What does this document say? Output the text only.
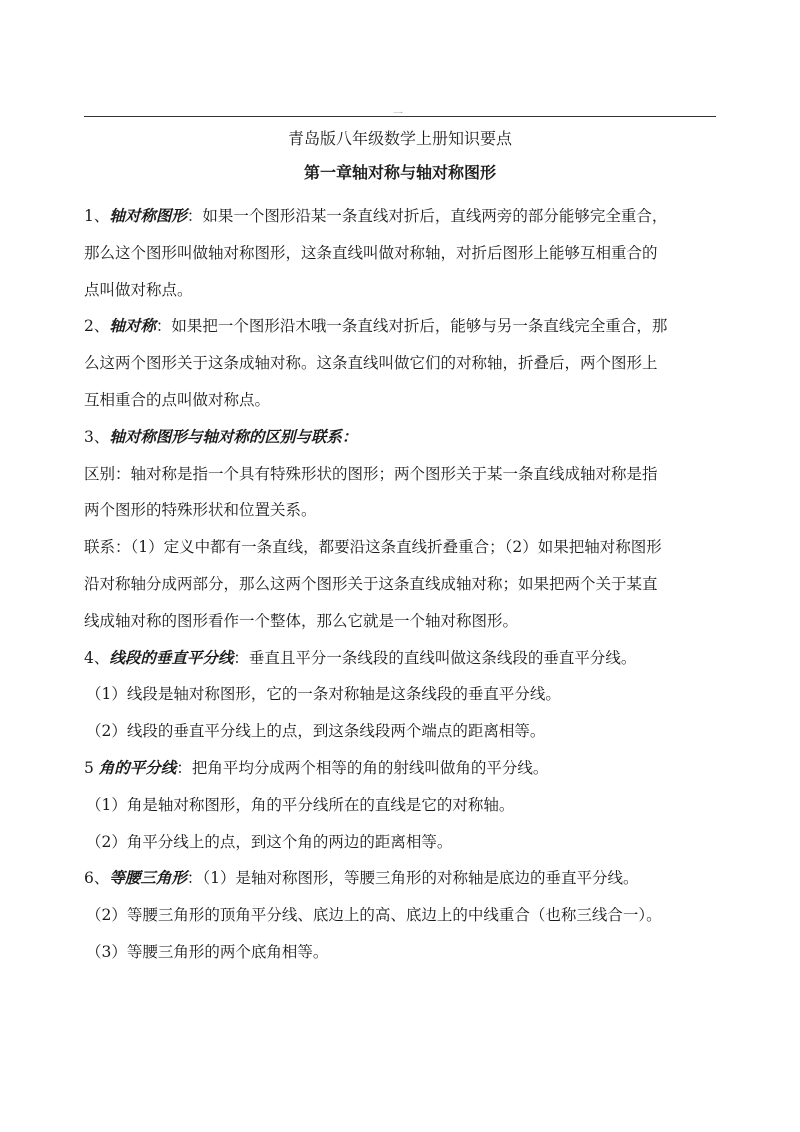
一
青岛版八年级数学上册知识要点
第一章轴对称与轴对称图形
1、轴对称图形：如果一个图形沿某一条直线对折后，直线两旁的部分能够完全重合，
那么这个图形叫做轴对称图形，这条直线叫做对称轴，对折后图形上能够互相重合的
点叫做对称点。
2、轴对称：如果把一个图形沿木哦一条直线对折后，能够与另一条直线完全重合，那
么这两个图形关于这条成轴对称。这条直线叫做它们的对称轴，折叠后，两个图形上
互相重合的点叫做对称点。
3、轴对称图形与轴对称的区别与联系：
区别：轴对称是指一个具有特殊形状的图形；两个图形关于某一条直线成轴对称是指
两个图形的特殊形状和位置关系。
联系：（1）定义中都有一条直线，都要沿这条直线折叠重合；（2）如果把轴对称图形
沿对称轴分成两部分，那么这两个图形关于这条直线成轴对称；如果把两个关于某直
线成轴对称的图形看作一个整体，那么它就是一个轴对称图形。
4、线段的垂直平分线：垂直且平分一条线段的直线叫做这条线段的垂直平分线。
（1）线段是轴对称图形，它的一条对称轴是这条线段的垂直平分线。
（2）线段的垂直平分线上的点，到这条线段两个端点的距离相等。
5 角的平分线：把角平均分成两个相等的角的射线叫做角的平分线。
（1）角是轴对称图形，角的平分线所在的直线是它的对称轴。
（2）角平分线上的点，到这个角的两边的距离相等。
6、等腰三角形：（1）是轴对称图形，等腰三角形的对称轴是底边的垂直平分线。
（2）等腰三角形的顶角平分线、底边上的高、底边上的中线重合（也称三线合一）。
（3）等腰三角形的两个底角相等。
